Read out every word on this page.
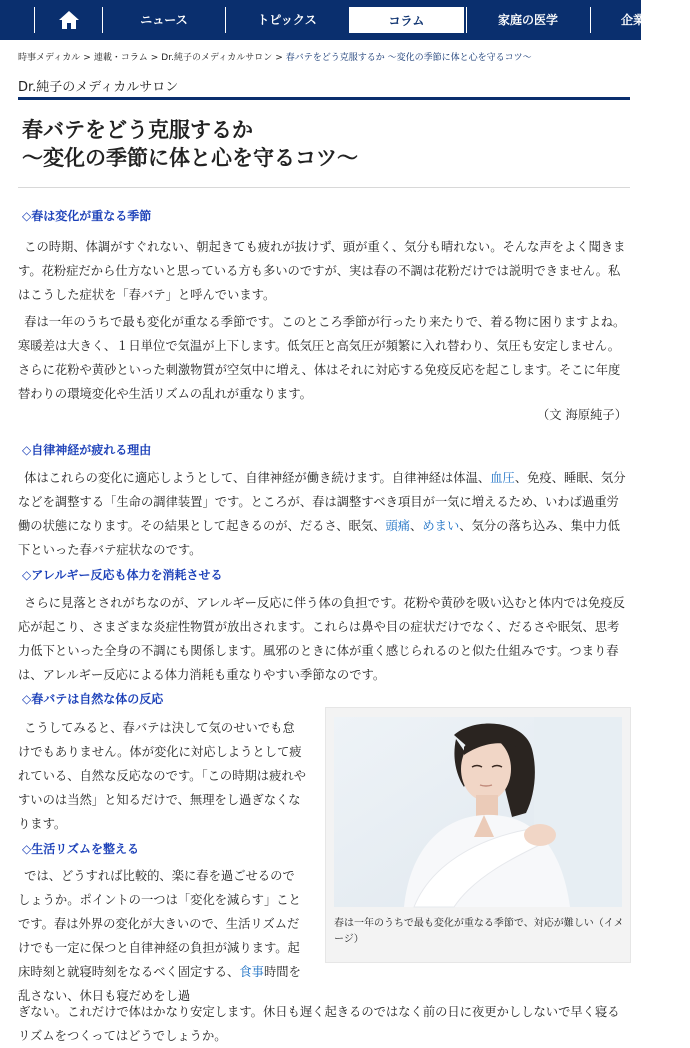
ニュース	トピックス	コラム	家庭の医学	企業
時事メディカル > 連載・コラム > Dr.純子のメディカルサロン > 春バテをどう克服するか ～変化の季節に体と心を守るコツ～
Dr.純子のメディカルサロン
春バテをどう克服するか
～変化の季節に体と心を守るコツ～
◇春は変化が重なる季節

この時期、体調がすぐれない、朝起きても疲れが抜けず、頭が重く、気分も晴れない。そんな声をよく聞きます。花粉症だから仕方ないと思っている方も多いのですが、実は春の不調は花粉だけでは説明できません。私はこうした症状を「春バテ」と呼んでいます。

春は一年のうちで最も変化が重なる季節です。このところ季節が行ったり来たりで、着る物に困りますよね。寒暖差は大きく、１日単位で気温が上下します。低気圧と高気圧が頻繁に入れ替わり、気圧も安定しません。さらに花粉や黄砂といった刺激物質が空気中に増え、体はそれに対応する免疫反応を起こします。そこに年度替わりの環境変化や生活リズムの乱れが重なります。

（文 海原純子）
◇自律神経が疲れる理由

体はこれらの変化に適応しようとして、自律神経が働き続けます。自律神経は体温、血圧、免疫、睡眠、気分などを調整する「生命の調律装置」です。ところが、春は調整すべき項目が一気に増えるため、いわば過重労働の状態になります。その結果として起きるのが、だるさ、眠気、頭痛、めまい、気分の落ち込み、集中力低下といった春バテ症状なのです。

◇アレルギー反応も体力を消耗させる

さらに見落とされがちなのが、アレルギー反応に伴う体の負担です。花粉や黄砂を吸い込むと体内では免疫反応が起こり、さまざまな炎症性物質が放出されます。これらは鼻や目の症状だけでなく、だるさや眠気、思考力低下といった全身の不調にも関係します。風邪のときに体が重く感じられるのと似た仕組みです。つまり春は、アレルギー反応による体力消耗も重なりやすい季節なのです。

◇春バテは自然な体の反応

こうしてみると、春バテは決して気のせいでも怠けでもありません。体が変化に対応しようとして疲れている、自然な反応なのです。「この時期は疲れやすいのは当然」と知るだけで、無理をし過ぎなくなります。

◇生活リズムを整える

では、どうすれば比較的、楽に春を過ごせるのでしょうか。ポイントの一つは「変化を減らす」ことです。春は外界の変化が大きいので、生活リズムだけでも一定に保つと自律神経の負担が減ります。起床時刻と就寝時刻をなるべく固定する、食事時間を乱さない、休日も寝だめをし過

ぎない。これだけで体はかなり安定します。休日も遅く起きるのではなく前の日に夜更かししないで早く寝るリズムをつくってはどうでしょうか。

春は一年のうちで最も変化が重なる季節で、対応が難しい（イメージ）
